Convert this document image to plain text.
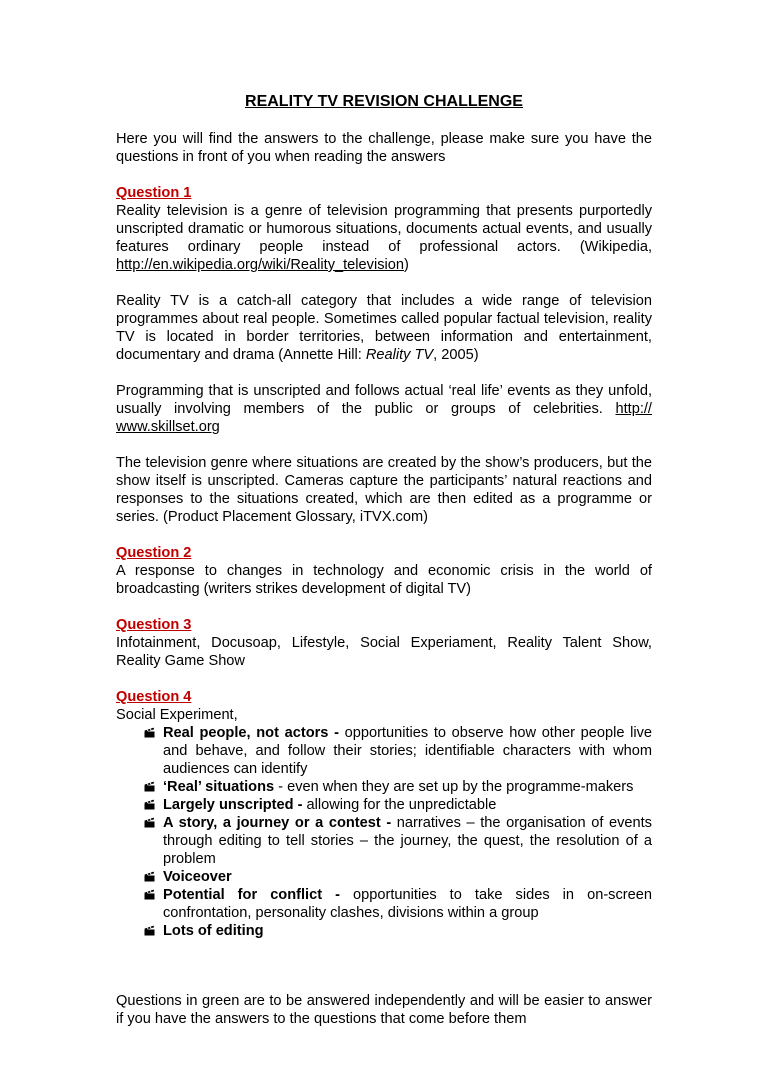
REALITY TV REVISION CHALLENGE

Here you will find the answers to the challenge, please make sure you have the questions in front of you when reading the answers

Question 1
Reality television is a genre of television programming that presents purportedly unscripted dramatic or humorous situations, documents actual events, and usually features ordinary people instead of professional actors. (Wikipedia, http://en.wikipedia.org/wiki/Reality_television)

Reality TV is a catch-all category that includes a wide range of television programmes about real people. Sometimes called popular factual television, reality TV is located in border territories, between information and entertainment, documentary and drama (Annette Hill: Reality TV, 2005)

Programming that is unscripted and follows actual ‘real life’ events as they unfold, usually involving members of the public or groups of celebrities. http:// www.skillset.org

The television genre where situations are created by the show’s producers, but the show itself is unscripted. Cameras capture the participants’ natural reactions and responses to the situations created, which are then edited as a programme or series. (Product Placement Glossary, iTVX.com)

Question 2
A response to changes in technology and economic crisis in the world of broadcasting (writers strikes development of digital TV)
Question 3
Infotainment, Docusoap, Lifestyle, Social Experiament, Reality Talent Show, Reality Game Show
Question 4
Social Experiment,
Real people, not actors - opportunities to observe how other people live and behave, and follow their stories; identifiable characters with whom audiences can identify
‘Real’ situations - even when they are set up by the programme-makers
Largely unscripted - allowing for the unpredictable
A story, a journey or a contest - narratives – the organisation of events through editing to tell stories – the journey, the quest, the resolution of a problem
Voiceover
Potential for conflict - opportunities to take sides in on-screen confrontation, personality clashes, divisions within a group
Lots of editing

Questions in green are to be answered independently and will be easier to answer if you have the answers to the questions that come before them
